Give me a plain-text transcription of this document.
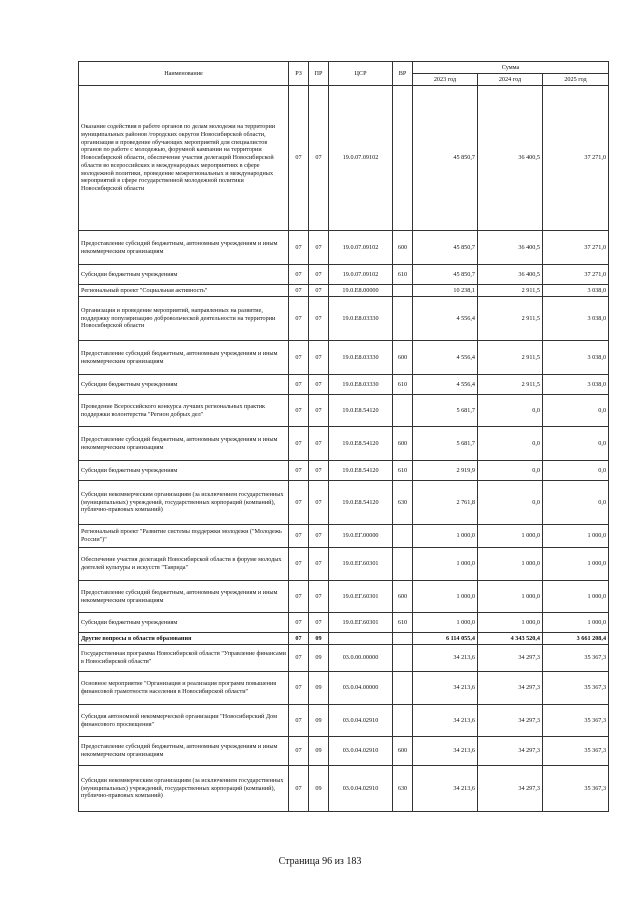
Наименование	РЗ	ПР	ЦСР	ВР	Сумма		
					2023 год	2024 год	2025 год
Оказание содействия в работе органов по делам молодежи на территории муниципальных районов /городских округов Новосибирской области, организация и проведение обучающих мероприятий для специалистов органов по работе с молодежью, форумной кампании на территории Новосибирской области, обеспечение участия делегаций Новосибирской области во всероссийских и международных мероприятиях в сфере молодежной политики, проведение межрегиональных и международных мероприятий в сфере государственной молодежной политики Новосибирской области	07	07	19.0.07.09102		45 850,7	36 400,5	37 271,0
Предоставление субсидий бюджетным, автономным учреждениям и иным некоммерческим организациям	07	07	19.0.07.09102	600	45 850,7	36 400,5	37 271,0
Субсидии бюджетным учреждениям	07	07	19.0.07.09102	610	45 850,7	36 400,5	37 271,0
Региональный проект "Социальная активность"	07	07	19.0.E8.00000		10 238,1	2 911,5	3 038,0
Организация и проведение мероприятий, направленных на развитие, поддержку популяризацию добровольческой деятельности на территории Новосибирской области	07	07	19.0.E8.03330		4 556,4	2 911,5	3 038,0
Предоставление субсидий бюджетным, автономным учреждениям и иным некоммерческим организациям	07	07	19.0.E8.03330	600	4 556,4	2 911,5	3 038,0
Субсидии бюджетным учреждениям	07	07	19.0.E8.03330	610	4 556,4	2 911,5	3 038,0
Проведение Всероссийского конкурса лучших региональных практик поддержки волонтерства "Регион добрых дел"	07	07	19.0.E8.54120		5 681,7	0,0	0,0
Предоставление субсидий бюджетным, автономным учреждениям и иным некоммерческим организациям	07	07	19.0.E8.54120	600	5 681,7	0,0	0,0
Субсидии бюджетным учреждениям	07	07	19.0.E8.54120	610	2 919,9	0,0	0,0
Субсидии некоммерческим организациям (за исключением государственных (муниципальных) учреждений, государственных корпораций (компаний), публично-правовых компаний)	07	07	19.0.E8.54120	630	2 761,8	0,0	0,0
Региональный проект "Развитие системы поддержки молодежи ("Молодежь России")"	07	07	19.0.EГ.00000		1 000,0	1 000,0	1 000,0
Обеспечение участия делегаций Новосибирской области в форуме молодых деятелей культуры и искусств "Таврида"	07	07	19.0.EГ.60301		1 000,0	1 000,0	1 000,0
Предоставление субсидий бюджетным, автономным учреждениям и иным некоммерческим организациям	07	07	19.0.EГ.60301	600	1 000,0	1 000,0	1 000,0
Субсидии бюджетным учреждениям	07	07	19.0.EГ.60301	610	1 000,0	1 000,0	1 000,0
Другие вопросы в области образования	07	09			6 114 055,4	4 343 520,4	3 661 208,4
Государственная программа Новосибирской области "Управление финансами в Новосибирской области"	07	09	03.0.00.00000		34 213,6	34 297,3	35 367,3
Основное мероприятие "Организация и реализация программ повышения финансовой грамотности населения в Новосибирской области"	07	09	03.0.04.00000		34 213,6	34 297,3	35 367,3
Субсидия автономной некоммерческой организации "Новосибирский Дом финансового просвещения"	07	09	03.0.04.02910		34 213,6	34 297,3	35 367,3
Предоставление субсидий бюджетным, автономным учреждениям и иным некоммерческим организациям	07	09	03.0.04.02910	600	34 213,6	34 297,3	35 367,3
Субсидии некоммерческим организациям (за исключением государственных (муниципальных) учреждений, государственных корпораций (компаний), публично-правовых компаний)	07	09	03.0.04.02910	630	34 213,6	34 297,3	35 367,3
Страница 96 из 183
